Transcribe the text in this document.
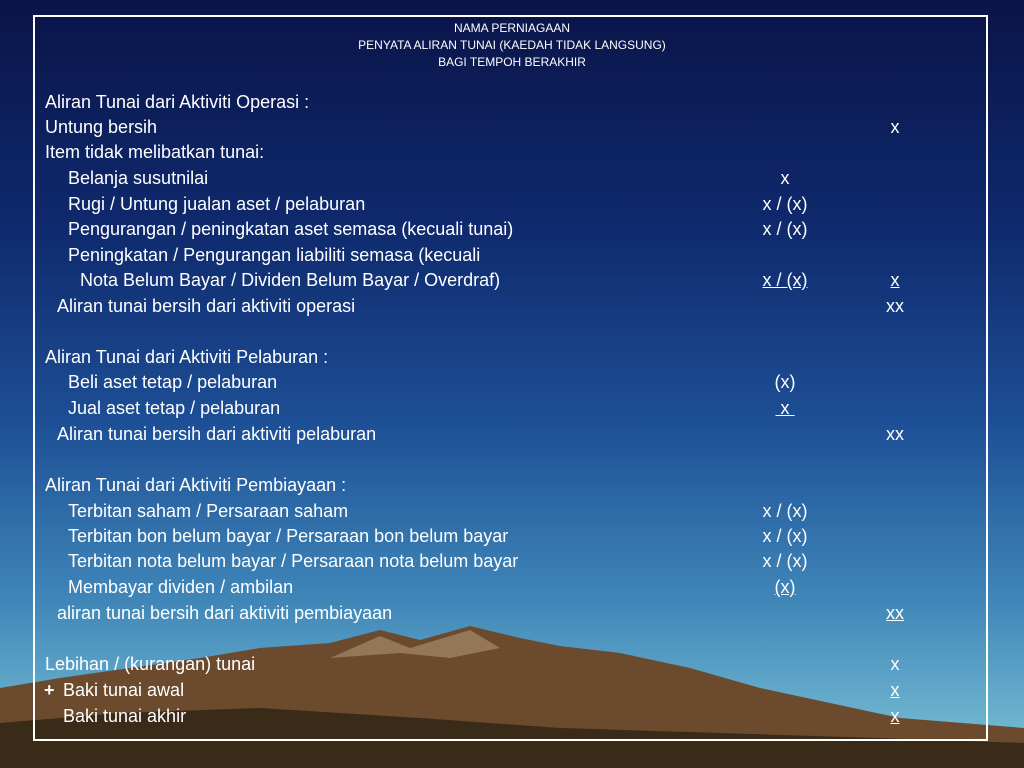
NAMA PERNIAGAAN
PENYATA ALIRAN TUNAI (KAEDAH TIDAK LANGSUNG)
BAGI TEMPOH BERAKHIR
Aliran Tunai dari Aktiviti Operasi :
Untung bersih	x
Item tidak melibatkan tunai:
Belanja susutnilai	x
Rugi / Untung jualan aset / pelaburan	x / (x)
Pengurangan / peningkatan aset semasa (kecuali tunai)	x / (x)
Peningkatan / Pengurangan liabiliti semasa (kecuali
Nota Belum Bayar / Dividen Belum Bayar / Overdraf)	x / (x)	x
Aliran tunai bersih dari aktiviti operasi	xx
Aliran Tunai dari Aktiviti Pelaburan :
Beli aset tetap / pelaburan	(x)
Jual aset tetap / pelaburan	x
Aliran tunai bersih dari aktiviti pelaburan	xx
Aliran Tunai dari Aktiviti Pembiayaan :
Terbitan saham / Persaraan saham	x / (x)
Terbitan bon belum bayar / Persaraan bon belum bayar	x / (x)
Terbitan nota belum bayar / Persaraan nota belum bayar	x / (x)
Membayar dividen / ambilan	(x)
aliran tunai bersih dari aktiviti pembiayaan	xx
Lebihan / (kurangan) tunai	x
+ Baki tunai awal	x
Baki tunai akhir	x
